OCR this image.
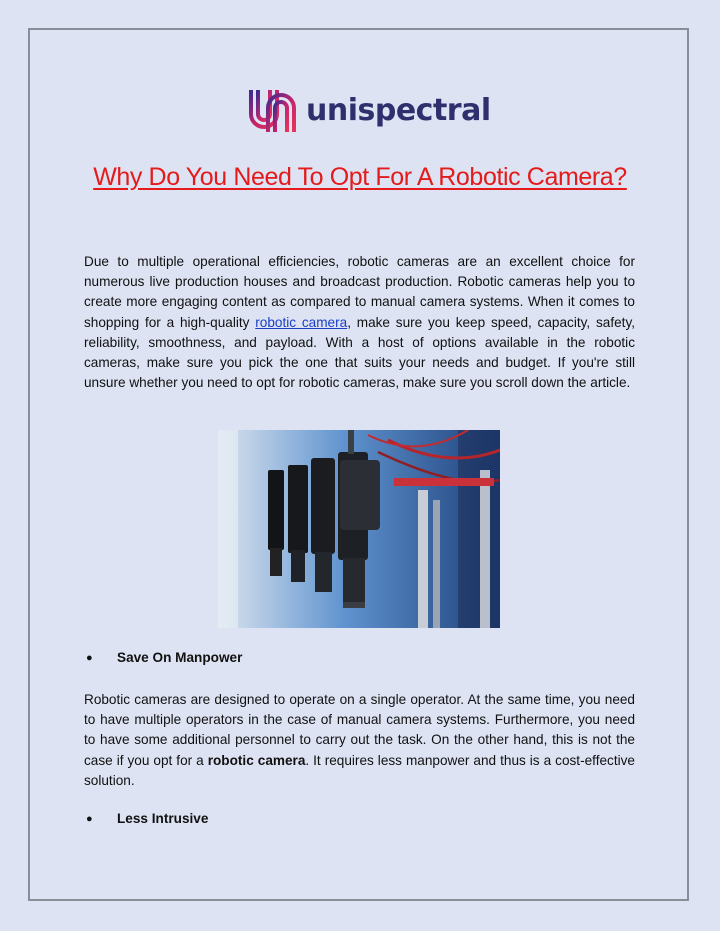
unispectral
Why Do You Need To Opt For A Robotic Camera?

Due to multiple operational efficiencies, robotic cameras are an excellent choice for numerous live production houses and broadcast production. Robotic cameras help you to create more engaging content as compared to manual camera systems. When it comes to shopping for a high-quality robotic camera, make sure you keep speed, capacity, safety, reliability, smoothness, and payload. With a host of options available in the robotic cameras, make sure you pick the one that suits your needs and budget. If you're still unsure whether you need to opt for robotic cameras, make sure you scroll down the article.

●	Save On Manpower

Robotic cameras are designed to operate on a single operator. At the same time, you need to have multiple operators in the case of manual camera systems. Furthermore, you need to have some additional personnel to carry out the task. On the other hand, this is not the case if you opt for a robotic camera. It requires less manpower and thus is a cost-effective solution.

●	Less Intrusive
